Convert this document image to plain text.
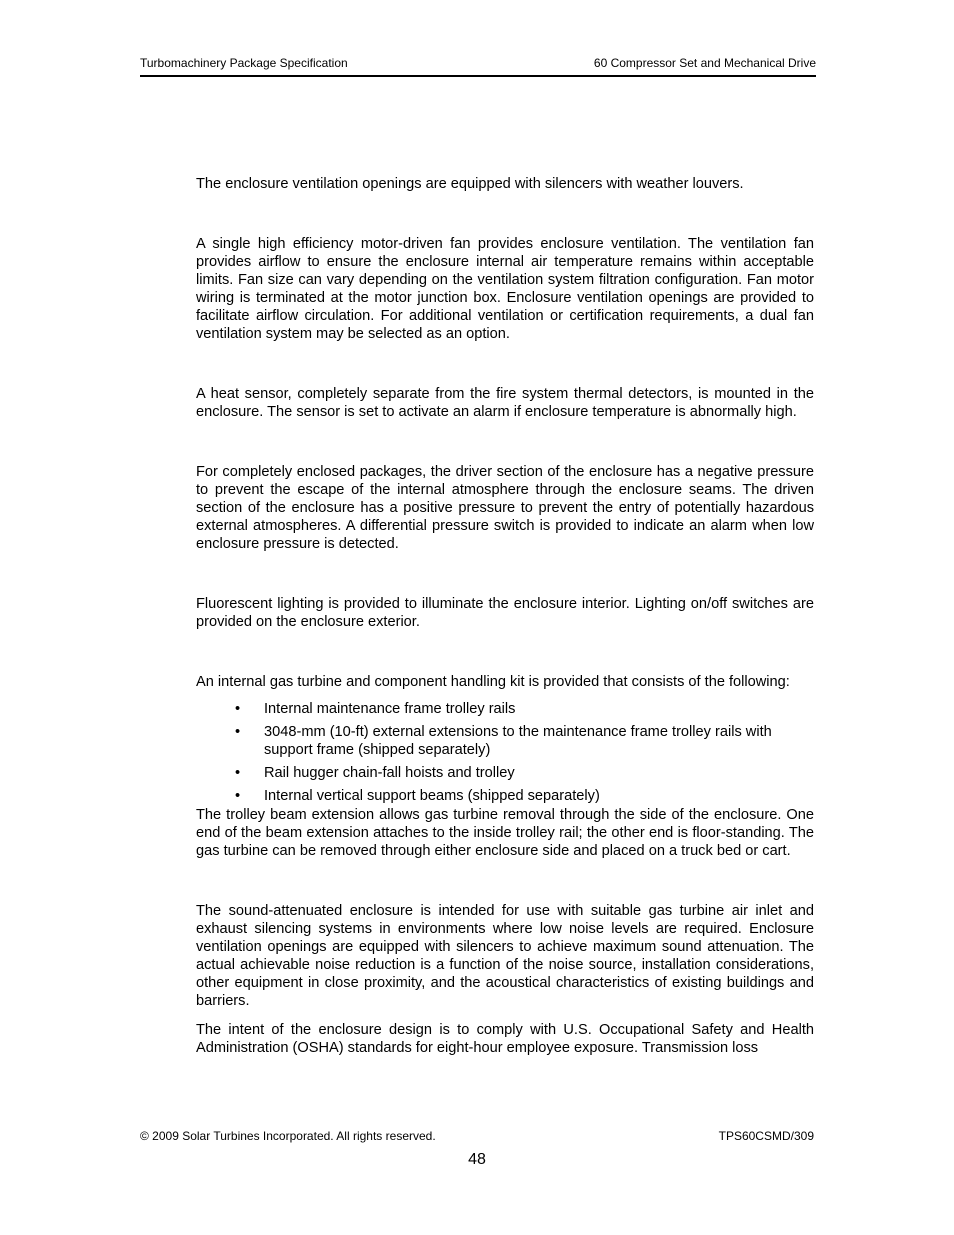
Turbomachinery Package Specification	60 Compressor Set and Mechanical Drive

The enclosure ventilation openings are equipped with silencers with weather louvers.

A single high efficiency motor-driven fan provides enclosure ventilation. The ventilation fan provides airflow to ensure the enclosure internal air temperature remains within acceptable limits. Fan size can vary depending on the ventilation system filtration configuration. Fan motor wiring is terminated at the motor junction box. Enclosure ventilation openings are provided to facilitate airflow circulation. For additional ventilation or certification requirements, a dual fan ventilation system may be selected as an option.

A heat sensor, completely separate from the fire system thermal detectors, is mounted in the enclosure. The sensor is set to activate an alarm if enclosure temperature is abnormally high.

For completely enclosed packages, the driver section of the enclosure has a negative pressure to prevent the escape of the internal atmosphere through the enclosure seams. The driven section of the enclosure has a positive pressure to prevent the entry of potentially hazardous external atmospheres. A differential pressure switch is provided to indicate an alarm when low enclosure pressure is detected.

Fluorescent lighting is provided to illuminate the enclosure interior. Lighting on/off switches are provided on the enclosure exterior.

An internal gas turbine and component handling kit is provided that consists of the following:

• Internal maintenance frame trolley rails
• 3048-mm (10-ft) external extensions to the maintenance frame trolley rails with support frame (shipped separately)
• Rail hugger chain-fall hoists and trolley
• Internal vertical support beams (shipped separately)

The trolley beam extension allows gas turbine removal through the side of the enclosure. One end of the beam extension attaches to the inside trolley rail; the other end is floor-standing. The gas turbine can be removed through either enclosure side and placed on a truck bed or cart.

The sound-attenuated enclosure is intended for use with suitable gas turbine air inlet and exhaust silencing systems in environments where low noise levels are required. Enclosure ventilation openings are equipped with silencers to achieve maximum sound attenuation. The actual achievable noise reduction is a function of the noise source, installation considerations, other equipment in close proximity, and the acoustical characteristics of existing buildings and barriers.

The intent of the enclosure design is to comply with U.S. Occupational Safety and Health Administration (OSHA) standards for eight-hour employee exposure. Transmission loss

© 2009 Solar Turbines Incorporated. All rights reserved.	TPS60CSMD/309
48
